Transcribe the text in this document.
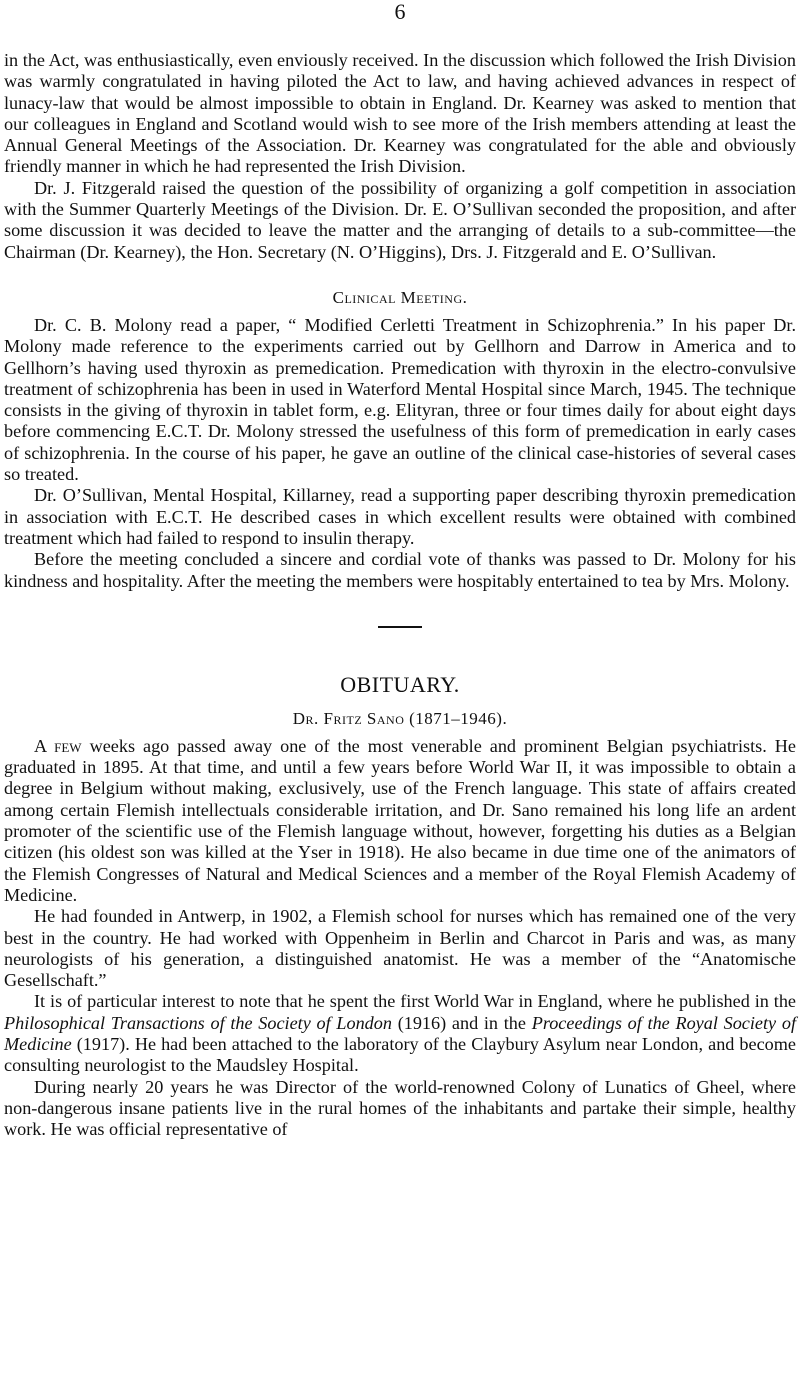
6

in the Act, was enthusiastically, even enviously received. In the discussion which followed the Irish Division was warmly congratulated in having piloted the Act to law, and having achieved advances in respect of lunacy-law that would be almost impossible to obtain in England. Dr. Kearney was asked to mention that our colleagues in England and Scotland would wish to see more of the Irish members attending at least the Annual General Meetings of the Association. Dr. Kearney was congratulated for the able and obviously friendly manner in which he had represented the Irish Division.

Dr. J. Fitzgerald raised the question of the possibility of organizing a golf competition in association with the Summer Quarterly Meetings of the Division. Dr. E. O’Sullivan seconded the proposition, and after some discussion it was decided to leave the matter and the arranging of details to a sub-committee—the Chairman (Dr. Kearney), the Hon. Secretary (N. O’Higgins), Drs. J. Fitzgerald and E. O’Sullivan.

Clinical Meeting.

Dr. C. B. Molony read a paper, “ Modified Cerletti Treatment in Schizophrenia.” In his paper Dr. Molony made reference to the experiments carried out by Gellhorn and Darrow in America and to Gellhorn’s having used thyroxin as premedication. Premedication with thyroxin in the electro-convulsive treatment of schizophrenia has been in used in Waterford Mental Hospital since March, 1945. The technique consists in the giving of thyroxin in tablet form, e.g. Elityran, three or four times daily for about eight days before commencing E.C.T. Dr. Molony stressed the usefulness of this form of premedication in early cases of schizophrenia. In the course of his paper, he gave an outline of the clinical case-histories of several cases so treated.

Dr. O’Sullivan, Mental Hospital, Killarney, read a supporting paper describing thyroxin premedication in association with E.C.T. He described cases in which excellent results were obtained with combined treatment which had failed to respond to insulin therapy.

Before the meeting concluded a sincere and cordial vote of thanks was passed to Dr. Molony for his kindness and hospitality. After the meeting the members were hospitably entertained to tea by Mrs. Molony.

OBITUARY.
Dr. Fritz Sano (1871–1946).

A few weeks ago passed away one of the most venerable and prominent Belgian psychiatrists. He graduated in 1895. At that time, and until a few years before World War II, it was impossible to obtain a degree in Belgium without making, exclusively, use of the French language. This state of affairs created among certain Flemish intellectuals considerable irritation, and Dr. Sano remained his long life an ardent promoter of the scientific use of the Flemish language without, however, forgetting his duties as a Belgian citizen (his oldest son was killed at the Yser in 1918). He also became in due time one of the animators of the Flemish Congresses of Natural and Medical Sciences and a member of the Royal Flemish Academy of Medicine.

He had founded in Antwerp, in 1902, a Flemish school for nurses which has remained one of the very best in the country. He had worked with Oppenheim in Berlin and Charcot in Paris and was, as many neurologists of his generation, a distinguished anatomist. He was a member of the “Anatomische Gesellschaft.”

It is of particular interest to note that he spent the first World War in England, where he published in the Philosophical Transactions of the Society of London (1916) and in the Proceedings of the Royal Society of Medicine (1917). He had been attached to the laboratory of the Claybury Asylum near London, and become consulting neurologist to the Maudsley Hospital.

During nearly 20 years he was Director of the world-renowned Colony of Lunatics of Gheel, where non-dangerous insane patients live in the rural homes of the inhabitants and partake their simple, healthy work. He was official representative of
